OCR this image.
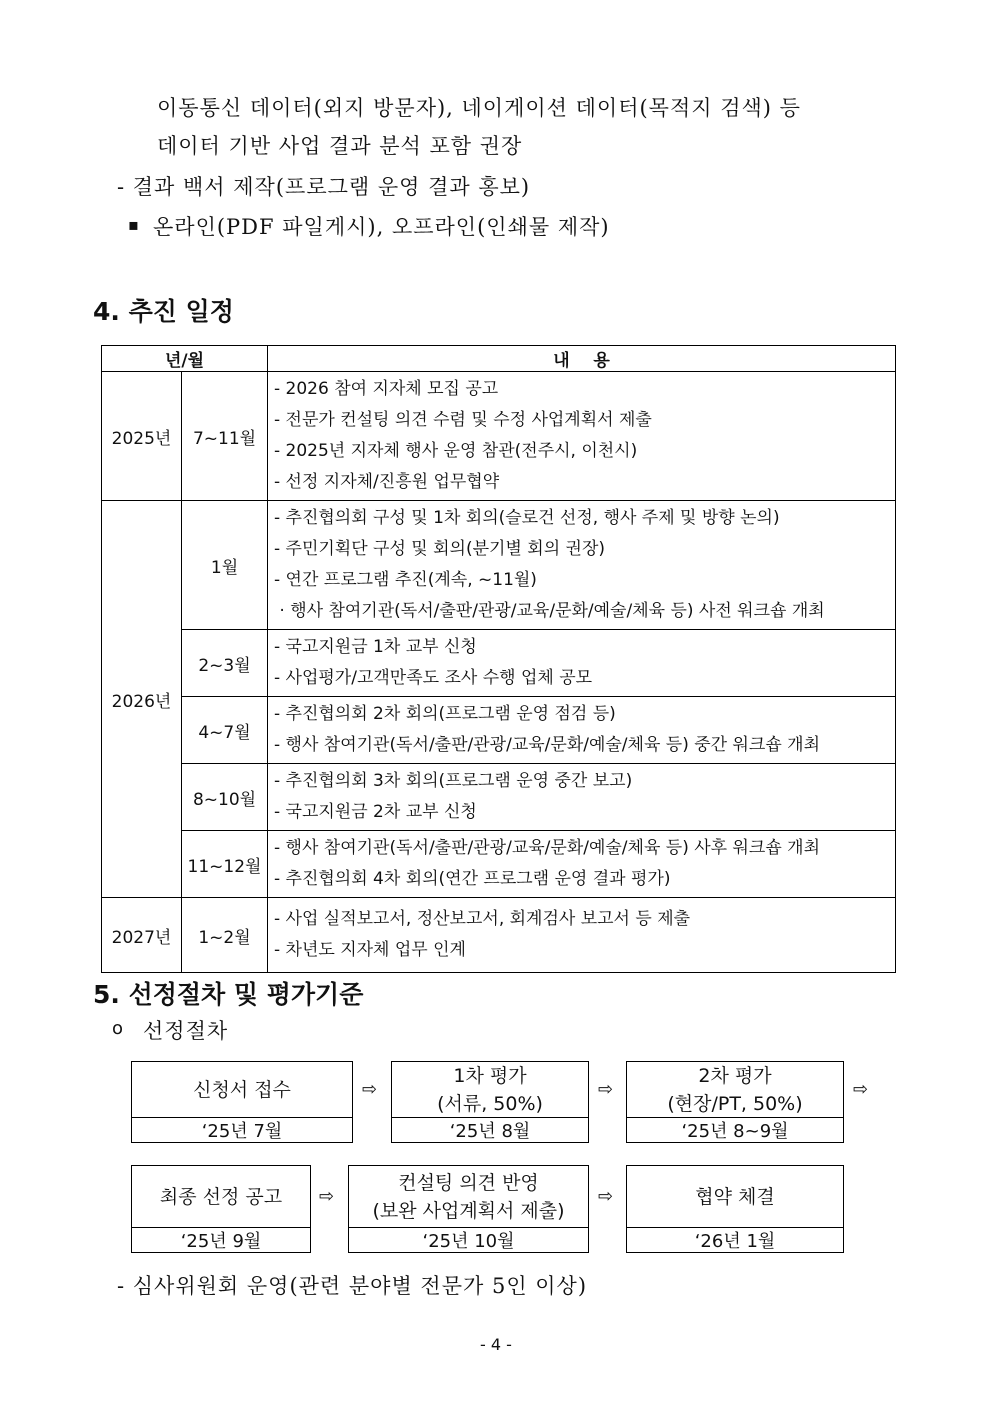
이동통신 데이터(외지 방문자), 네이게이션 데이터(목적지 검색) 등
데이터 기반 사업 결과 분석 포함 권장
- 결과 백서 제작(프로그램 운영 결과 홍보)
▪ 온라인(PDF 파일게시), 오프라인(인쇄물 제작)
4. 추진 일정
년/월		내    용
2025년	7~11월	- 2026 참여 지자체 모집 공고
- 전문가 컨설팅 의견 수렴 및 수정 사업계획서 제출
- 2025년 지자체 행사 운영 참관(전주시, 이천시)
- 선정 지자체/진흥원 업무협약

2026년	1월	- 추진협의회 구성 및 1차 회의(슬로건 선정, 행사 주제 및 방향 논의)
- 주민기획단 구성 및 회의(분기별 회의 권장)
- 연간 프로그램 추진(계속, ~11월)
· 행사 참여기관(독서/출판/관광/교육/문화/예술/체육 등) 사전 워크숍 개최

	2~3월	- 국고지원금 1차 교부 신청
- 사업평가/고객만족도 조사 수행 업체 공모

	4~7월	- 추진협의회 2차 회의(프로그램 운영 점검 등)
- 행사 참여기관(독서/출판/관광/교육/문화/예술/체육 등) 중간 워크숍 개최

	8~10월	- 추진협의회 3차 회의(프로그램 운영 중간 보고)
- 국고지원금 2차 교부 신청

	11~12월	- 행사 참여기관(독서/출판/관광/교육/문화/예술/체육 등) 사후 워크숍 개최
- 추진협의회 4차 회의(연간 프로그램 운영 결과 평가)

2027년	1~2월	- 사업 실적보고서, 정산보고서, 회계검사 보고서 등 제출
- 차년도 지자체 업무 인계
5. 선정절차 및 평가기준
o 선정절차
신청서 접수
‘25년 7월
⇨
1차 평가
(서류, 50%)
‘25년 8월
⇨
2차 평가
(현장/PT, 50%)
‘25년 8~9월
⇨
최종 선정 공고
‘25년 9월
⇨
컨설팅 의견 반영
(보완 사업계획서 제출)
‘25년 10월
⇨	협약 체결
‘26년 1월
- 심사위원회 운영(관련 분야별 전문가 5인 이상)
- 4 -
